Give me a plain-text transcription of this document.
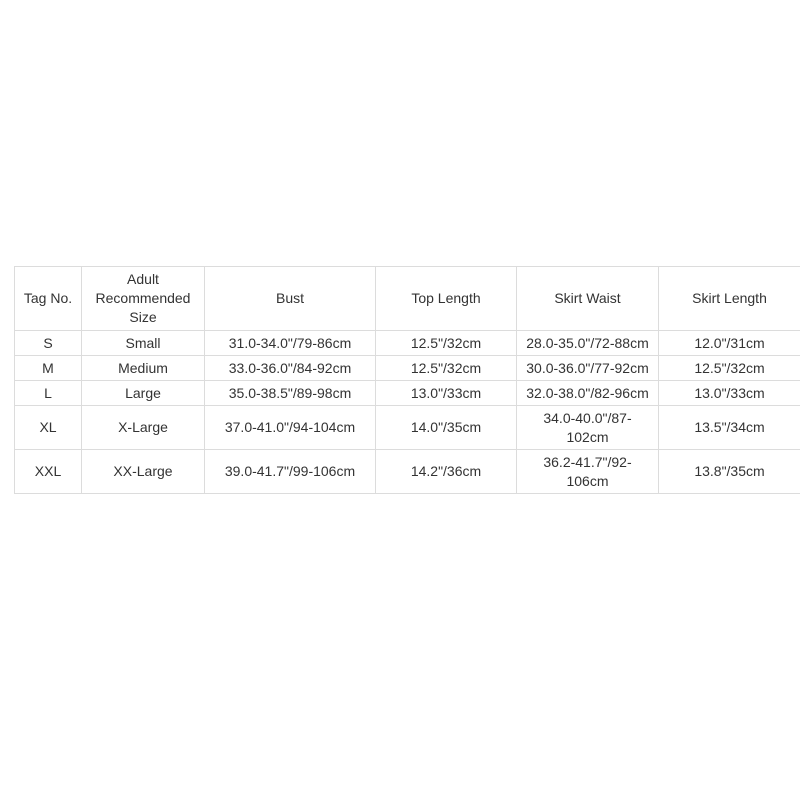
Tag No.	Adult Recommended Size	Bust	Top Length	Skirt Waist	Skirt Length
S	Small	31.0-34.0"/79-86cm	12.5"/32cm	28.0-35.0"/72-88cm	12.0"/31cm
M	Medium	33.0-36.0"/84-92cm	12.5"/32cm	30.0-36.0"/77-92cm	12.5"/32cm
L	Large	35.0-38.5"/89-98cm	13.0"/33cm	32.0-38.0"/82-96cm	13.0"/33cm
XL	X-Large	37.0-41.0"/94-104cm	14.0"/35cm	34.0-40.0"/87-102cm	13.5"/34cm
XXL	XX-Large	39.0-41.7"/99-106cm	14.2"/36cm	36.2-41.7"/92-106cm	13.8"/35cm
